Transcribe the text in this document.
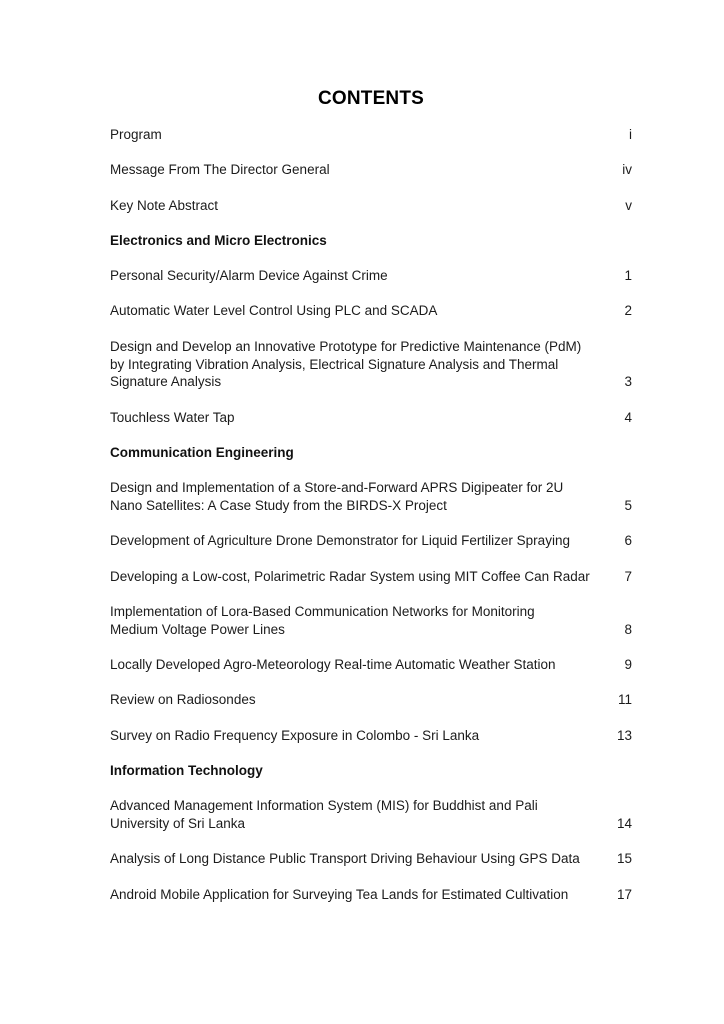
CONTENTS
Program	i
Message From The Director General	iv
Key Note Abstract	v
Electronics and Micro Electronics
Personal Security/Alarm Device Against Crime	1
Automatic Water Level Control Using PLC and SCADA	2
Design and Develop an Innovative Prototype for Predictive Maintenance (PdM)
by Integrating Vibration Analysis, Electrical Signature Analysis and Thermal
Signature Analysis	3
Touchless Water Tap	4
Communication Engineering
Design and Implementation of a Store-and-Forward APRS Digipeater for 2U
Nano Satellites: A Case Study from the BIRDS-X Project	5
Development of Agriculture Drone Demonstrator for Liquid Fertilizer Spraying	6
Developing a Low-cost, Polarimetric Radar System using MIT Coffee Can Radar	7
Implementation of Lora-Based Communication Networks for Monitoring
Medium Voltage Power Lines	8
Locally Developed Agro-Meteorology Real-time Automatic Weather Station	9
Review on Radiosondes	11
Survey on Radio Frequency Exposure in Colombo - Sri Lanka	13
Information Technology
Advanced Management Information System (MIS) for Buddhist and Pali
University of Sri Lanka	14
Analysis of Long Distance Public Transport Driving Behaviour Using GPS Data	15
Android Mobile Application for Surveying Tea Lands for Estimated Cultivation	17
